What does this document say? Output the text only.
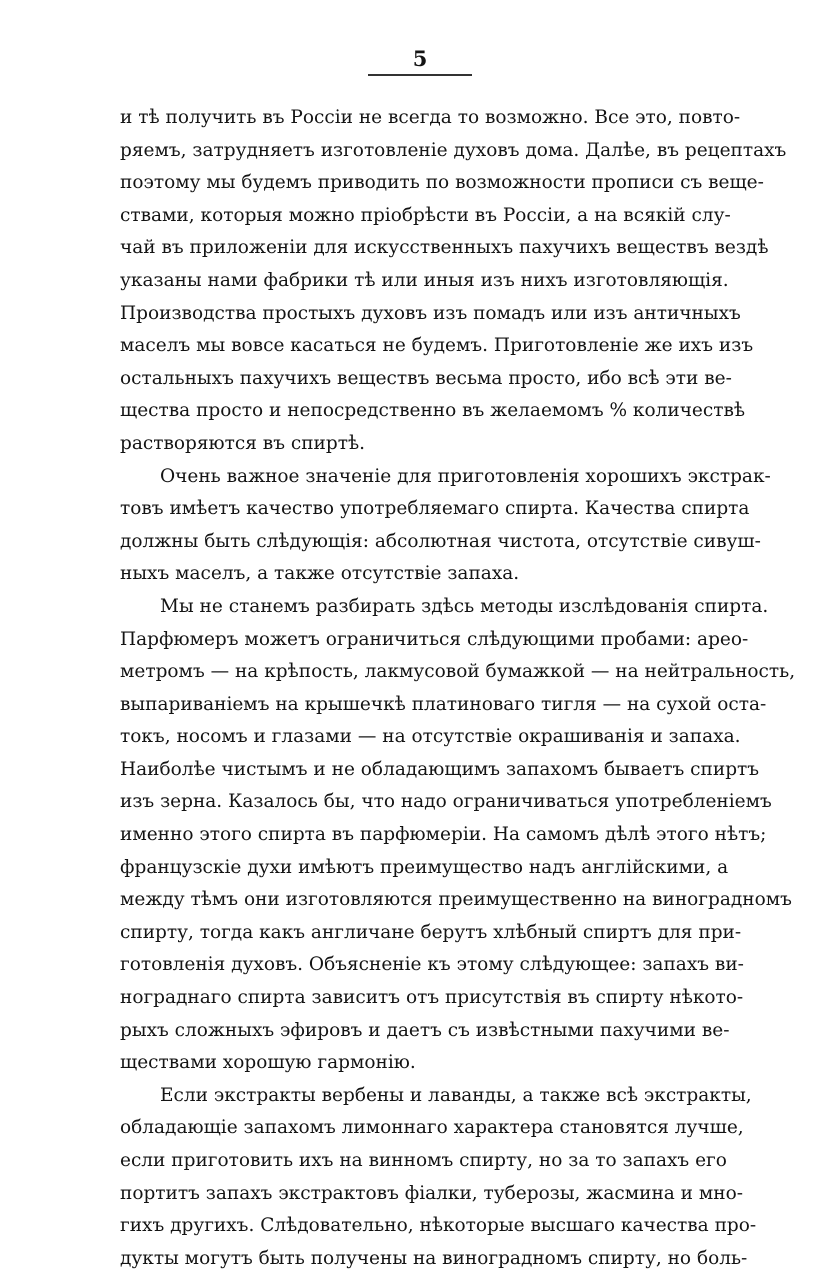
5
и тѣ получить въ Россіи не всегда то возможно. Все это, повто-
ряемъ, затрудняетъ изготовленіе духовъ дома. Далѣе, въ рецептахъ
поэтому мы будемъ приводить по возможности прописи съ веще-
ствами, которыя можно пріобрѣсти въ Россіи, а на всякій слу-
чай въ приложеніи для искусственныхъ пахучихъ веществъ вездѣ
указаны нами фабрики тѣ или иныя изъ нихъ изготовляющія.
Производства простыхъ духовъ изъ помадъ или изъ античныхъ
маселъ мы вовсе касаться не будемъ. Приготовленіе же ихъ изъ
остальныхъ пахучихъ веществъ весьма просто, ибо всѣ эти ве-
щества просто и непосредственно въ желаемомъ % количествѣ
растворяются въ спиртѣ.
Очень важное значеніе для приготовленія хорошихъ экстрак-
товъ имѣетъ качество употребляемаго спирта. Качества спирта
должны быть слѣдующія: абсолютная чистота, отсутствіе сивуш-
ныхъ маселъ, а также отсутствіе запаха.
Мы не станемъ разбирать здѣсь методы изслѣдованія спирта.
Парфюмеръ можетъ ограничиться слѣдующими пробами: арео-
метромъ — на крѣпость, лакмусовой бумажкой — на нейтральность,
выпариваніемъ на крышечкѣ платиноваго тигля — на сухой оста-
токъ, носомъ и глазами — на отсутствіе окрашиванія и запаха.
Наиболѣе чистымъ и не обладающимъ запахомъ бываетъ спиртъ
изъ зерна. Казалось бы, что надо ограничиваться употребленіемъ
именно этого спирта въ парфюмеріи. На самомъ дѣлѣ этого нѣтъ;
французскіе духи имѣютъ преимущество надъ англійскими, а
между тѣмъ они изготовляются преимущественно на виноградномъ
спирту, тогда какъ англичане берутъ хлѣбный спиртъ для при-
готовленія духовъ. Объясненіе къ этому слѣдующее: запахъ ви-
нограднаго спирта зависитъ отъ присутствія въ спирту нѣкото-
рыхъ сложныхъ эфировъ и даетъ съ извѣстными пахучими ве-
ществами хорошую гармонію.
Если экстракты вербены и лаванды, а также всѣ экстракты,
обладающіе запахомъ лимоннаго характера становятся лучше,
если приготовить ихъ на винномъ спирту, но за то запахъ его
портитъ запахъ экстрактовъ фіалки, туберозы, жасмина и мно-
гихъ другихъ. Слѣдовательно, нѣкоторые высшаго качества про-
дукты могутъ быть получены на виноградномъ спирту, но боль-
